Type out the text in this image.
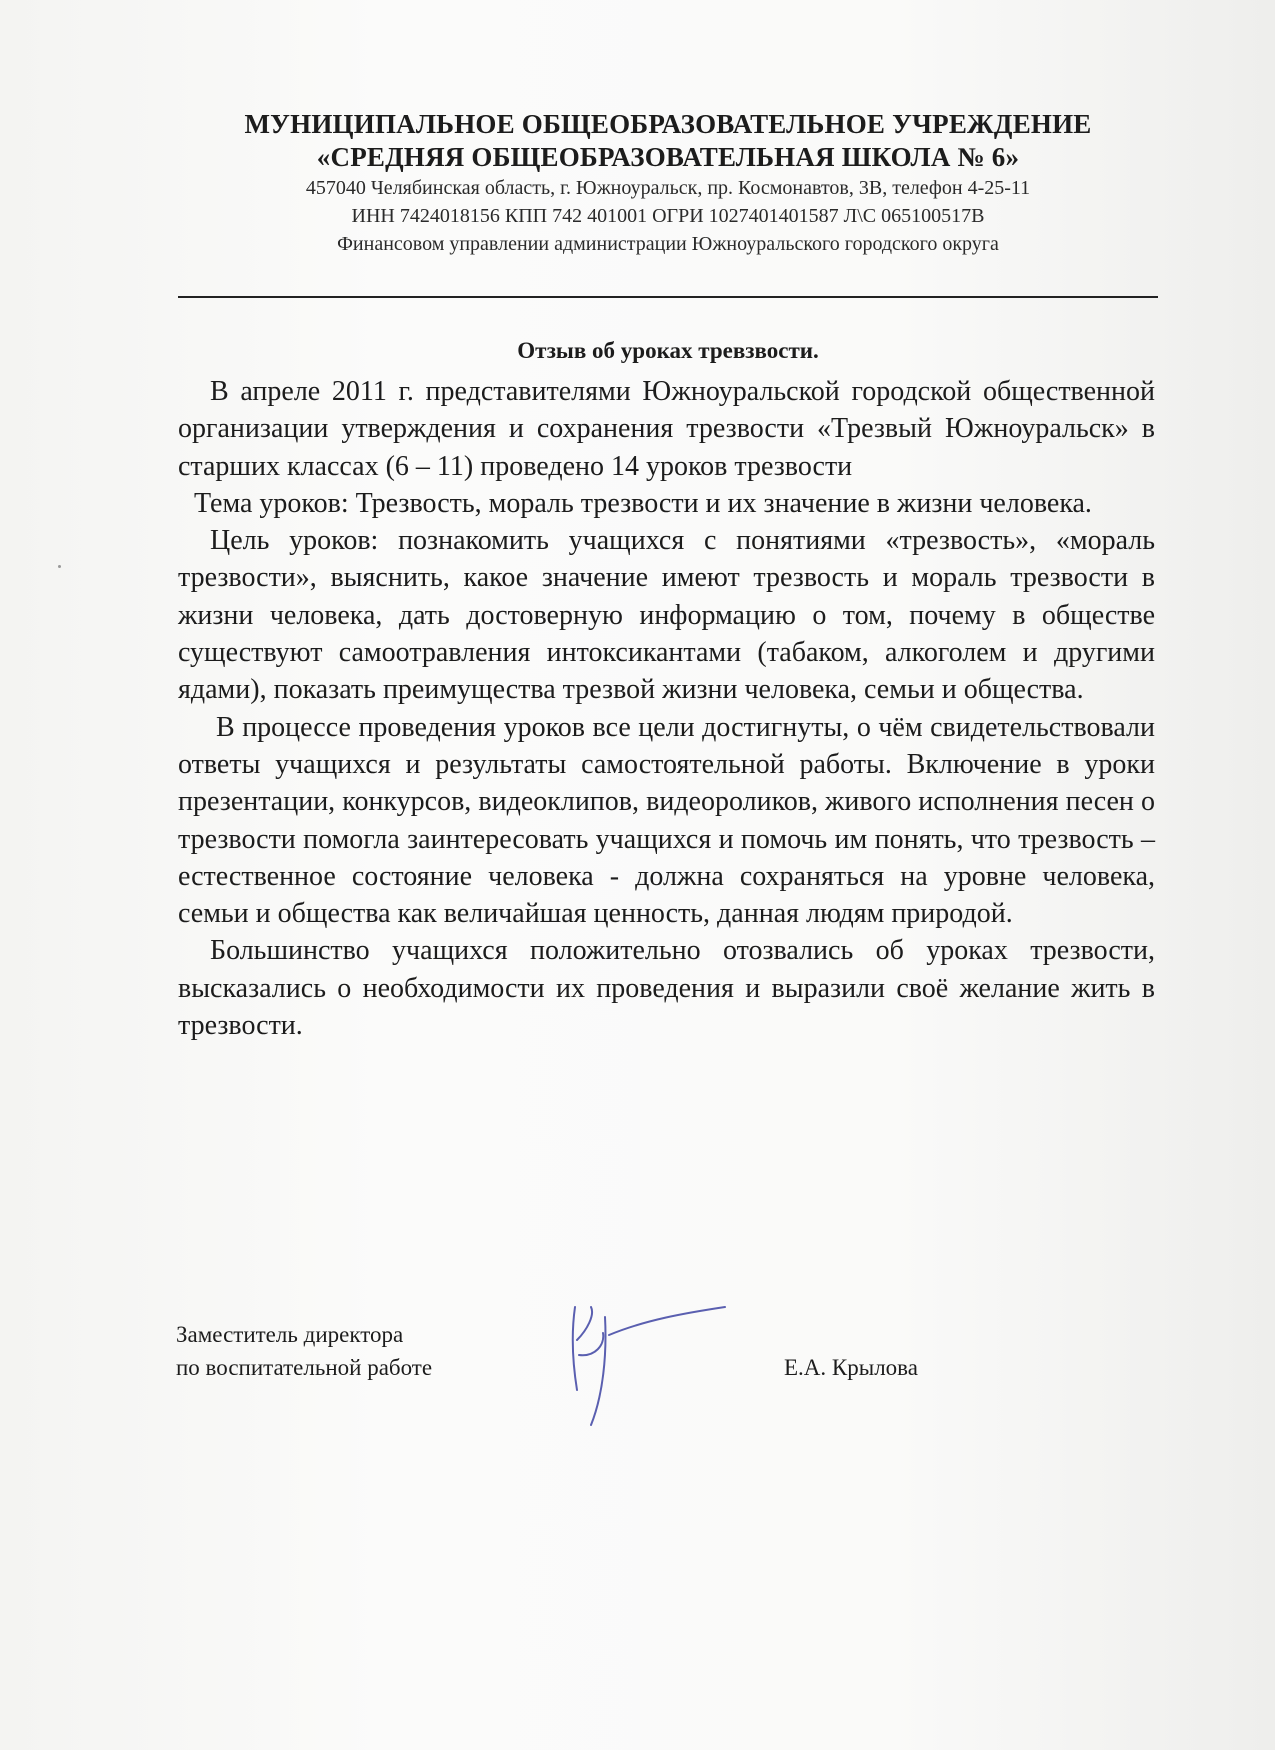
МУНИЦИПАЛЬНОЕ ОБЩЕОБРАЗОВАТЕЛЬНОЕ УЧРЕЖДЕНИЕ
«СРЕДНЯЯ ОБЩЕОБРАЗОВАТЕЛЬНАЯ ШКОЛА № 6»
457040 Челябинская область, г. Южноуральск, пр. Космонавтов, 3В, телефон 4-25-11
ИНН 7424018156 КПП 742 401001 ОГРИ 1027401401587 Л\С 065100517В
Финансовом управлении администрации Южноуральского городского округа
Отзыв об уроках тревзвости.

В апреле 2011 г. представителями Южноуральской городской общественной организации утверждения и сохранения трезвости «Трезвый Южноуральск» в старших классах (6 – 11) проведено 14 уроков трезвости

Тема уроков: Трезвость, мораль трезвости и их значение в жизни человека.

Цель уроков: познакомить учащихся с понятиями «трезвость», «мораль трезвости», выяснить, какое значение имеют трезвость и мораль трезвости в жизни человека, дать достоверную информацию о том, почему в обществе существуют самоотравления интоксикантами (табаком, алкоголем и другими ядами), показать преимущества трезвой жизни человека, семьи и общества.

В процессе проведения уроков все цели достигнуты, о чём свидетельствовали ответы учащихся и результаты самостоятельной работы. Включение в уроки презентации, конкурсов, видеоклипов, видеороликов, живого исполнения песен о трезвости помогла заинтересовать учащихся и помочь им понять, что трезвость – естественное состояние человека - должна сохраняться на уровне человека, семьи и общества как величайшая ценность, данная людям природой.

Большинство учащихся положительно отозвались об уроках трезвости, высказались о необходимости их проведения и выразили своё желание жить в трезвости.

Заместитель директора
по воспитательной работе	Е.А. Крылова
